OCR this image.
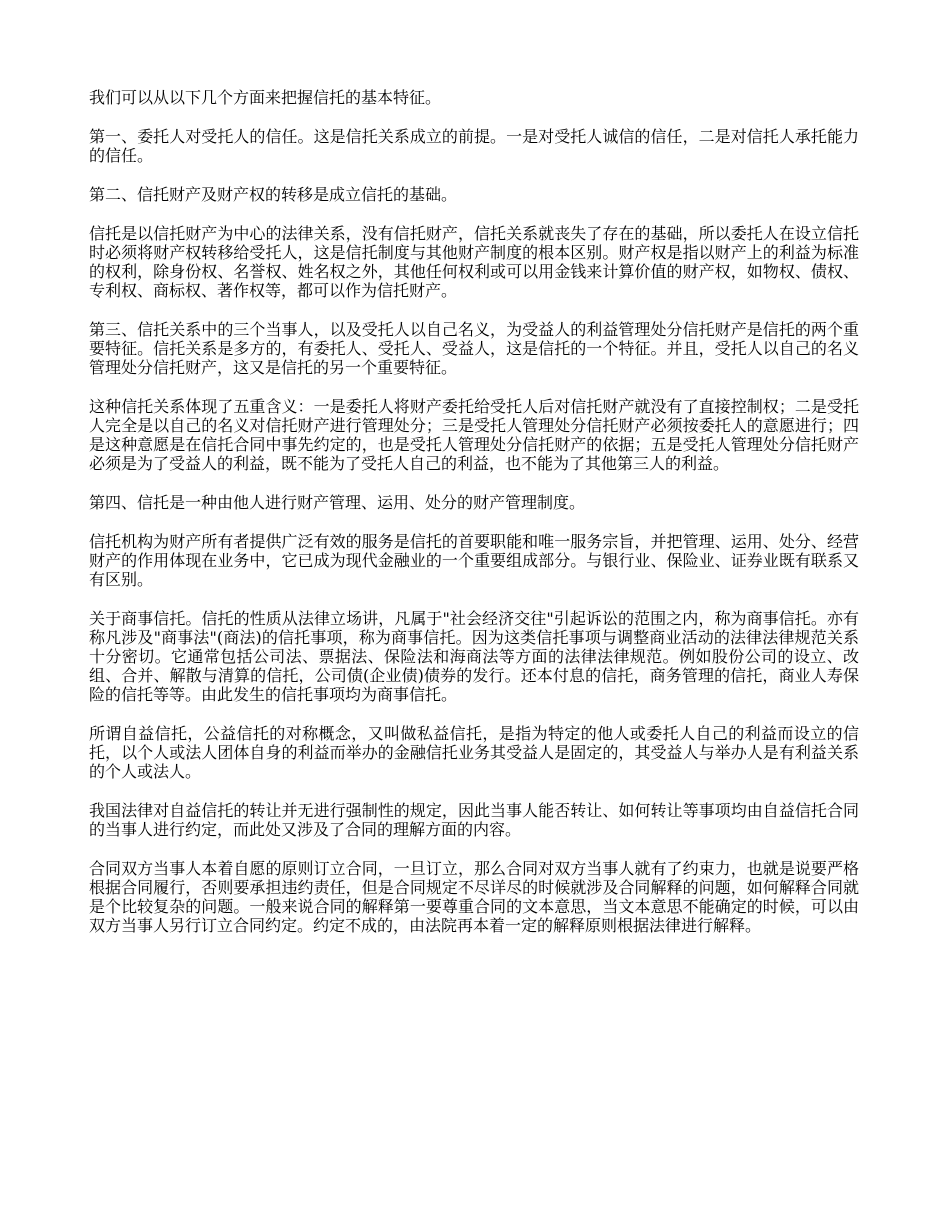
我们可以从以下几个方面来把握信托的基本特征。

第一、委托人对受托人的信任。这是信托关系成立的前提。一是对受托人诚信的信任，二是对信托人承托能力的信任。

第二、信托财产及财产权的转移是成立信托的基础。

信托是以信托财产为中心的法律关系，没有信托财产，信托关系就丧失了存在的基础，所以委托人在设立信托时必须将财产权转移给受托人，这是信托制度与其他财产制度的根本区别。财产权是指以财产上的利益为标准的权利，除身份权、名誉权、姓名权之外，其他任何权利或可以用金钱来计算价值的财产权，如物权、债权、专利权、商标权、著作权等，都可以作为信托财产。

第三、信托关系中的三个当事人，以及受托人以自己名义，为受益人的利益管理处分信托财产是信托的两个重要特征。信托关系是多方的，有委托人、受托人、受益人，这是信托的一个特征。并且，受托人以自己的名义管理处分信托财产，这又是信托的另一个重要特征。

这种信托关系体现了五重含义：一是委托人将财产委托给受托人后对信托财产就没有了直接控制权；二是受托人完全是以自己的名义对信托财产进行管理处分；三是受托人管理处分信托财产必须按委托人的意愿进行；四是这种意愿是在信托合同中事先约定的，也是受托人管理处分信托财产的依据；五是受托人管理处分信托财产必须是为了受益人的利益，既不能为了受托人自己的利益，也不能为了其他第三人的利益。

第四、信托是一种由他人进行财产管理、运用、处分的财产管理制度。

信托机构为财产所有者提供广泛有效的服务是信托的首要职能和唯一服务宗旨，并把管理、运用、处分、经营财产的作用体现在业务中，它已成为现代金融业的一个重要组成部分。与银行业、保险业、证券业既有联系又有区别。

关于商事信托。信托的性质从法律立场讲，凡属于"社会经济交往"引起诉讼的范围之内，称为商事信托。亦有称凡涉及"商事法"(商法)的信托事项，称为商事信托。因为这类信托事项与调整商业活动的法律法律规范关系十分密切。它通常包括公司法、票据法、保险法和海商法等方面的法律法律规范。例如股份公司的设立、改组、合并、解散与清算的信托，公司债(企业债)债券的发行。还本付息的信托，商务管理的信托，商业人寿保险的信托等等。由此发生的信托事项均为商事信托。

所谓自益信托，公益信托的对称概念，又叫做私益信托，是指为特定的他人或委托人自己的利益而设立的信托，以个人或法人团体自身的利益而举办的金融信托业务其受益人是固定的，其受益人与举办人是有利益关系的个人或法人。

我国法律对自益信托的转让并无进行强制性的规定，因此当事人能否转让、如何转让等事项均由自益信托合同的当事人进行约定，而此处又涉及了合同的理解方面的内容。

合同双方当事人本着自愿的原则订立合同，一旦订立，那么合同对双方当事人就有了约束力，也就是说要严格根据合同履行，否则要承担违约责任，但是合同规定不尽详尽的时候就涉及合同解释的问题，如何解释合同就是个比较复杂的问题。一般来说合同的解释第一要尊重合同的文本意思，当文本意思不能确定的时候，可以由双方当事人另行订立合同约定。约定不成的，由法院再本着一定的解释原则根据法律进行解释。
